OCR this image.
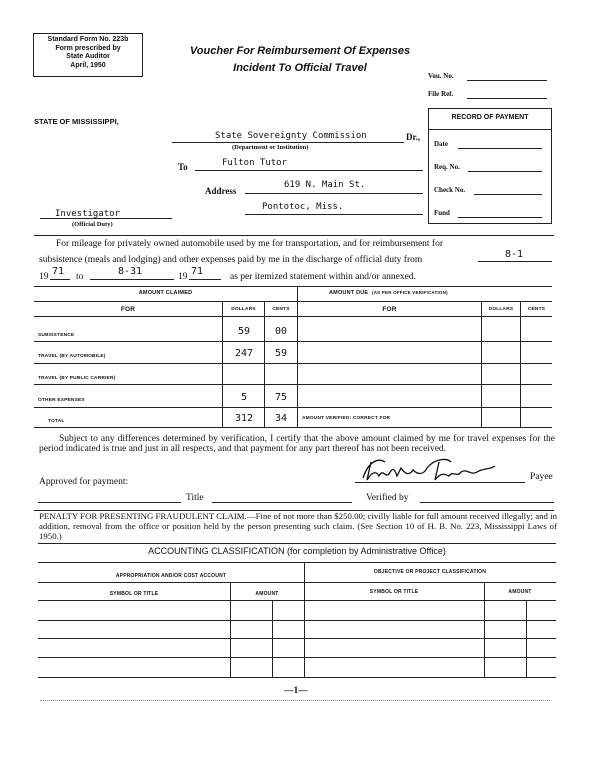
Standard Form No. 223b
Form prescribed by
State Auditor
April, 1950
Voucher For Reimbursement Of Expenses
Incident To Official Travel
Vou. No.
File Ref.
RECORD OF PAYMENT
Date
Req. No.
Check No.
Fund
STATE OF MISSISSIPPI,
State Sovereignty Commission	Dr.,
(Department or Institution)
To	Fulton Tutor
Address
619 N. Main St.
Pontotoc, Miss.
Investigator
(Official Duty)
For mileage for privately owned automobile used by me for transportation, and for reimbursement for
subsistence (meals and lodging) and other expenses paid by me in the discharge of official duty from	8-1
19 71 to	8-31	19 71	as per itemized statement within and/or annexed.
AMOUNT CLAIMED	AMOUNT DUE (AS PER OFFICE VERIFICATION)
FOR	DOLLARS	CENTS	FOR	DOLLARS	CENTS
SUBSISTENCE	59	00
TRAVEL (BY AUTOMOBILE)	247	59
TRAVEL (BY PUBLIC CARRIER)
OTHER EXPENSES	5	75
TOTAL	312	34	AMOUNT VERIFIED: CORRECT FOR
Subject to any differences determined by verification, I certify that the above amount claimed by me for travel expenses for the period indicated is true and just in all respects, and that payment for any part thereof has not been received.
Payee
Approved for payment:
Title	Verified by
PENALTY FOR PRESENTING FRAUDULENT CLAIM.—Fine of not more than $250.00; civilly liable for full amount received illegally; and in addition, removal from the office or position held by the person presenting such claim. (See Section 10 of H. B. No. 223, Mississippi Laws of 1950.)
ACCOUNTING CLASSIFICATION (for completion by Administrative Office)
APPROPRIATION AND/OR COST ACCOUNT
OBJECTIVE OR PROJECT CLASSIFICATION
SYMBOL OR TITLE	AMOUNT	SYMBOL OR TITLE	AMOUNT
—1—
